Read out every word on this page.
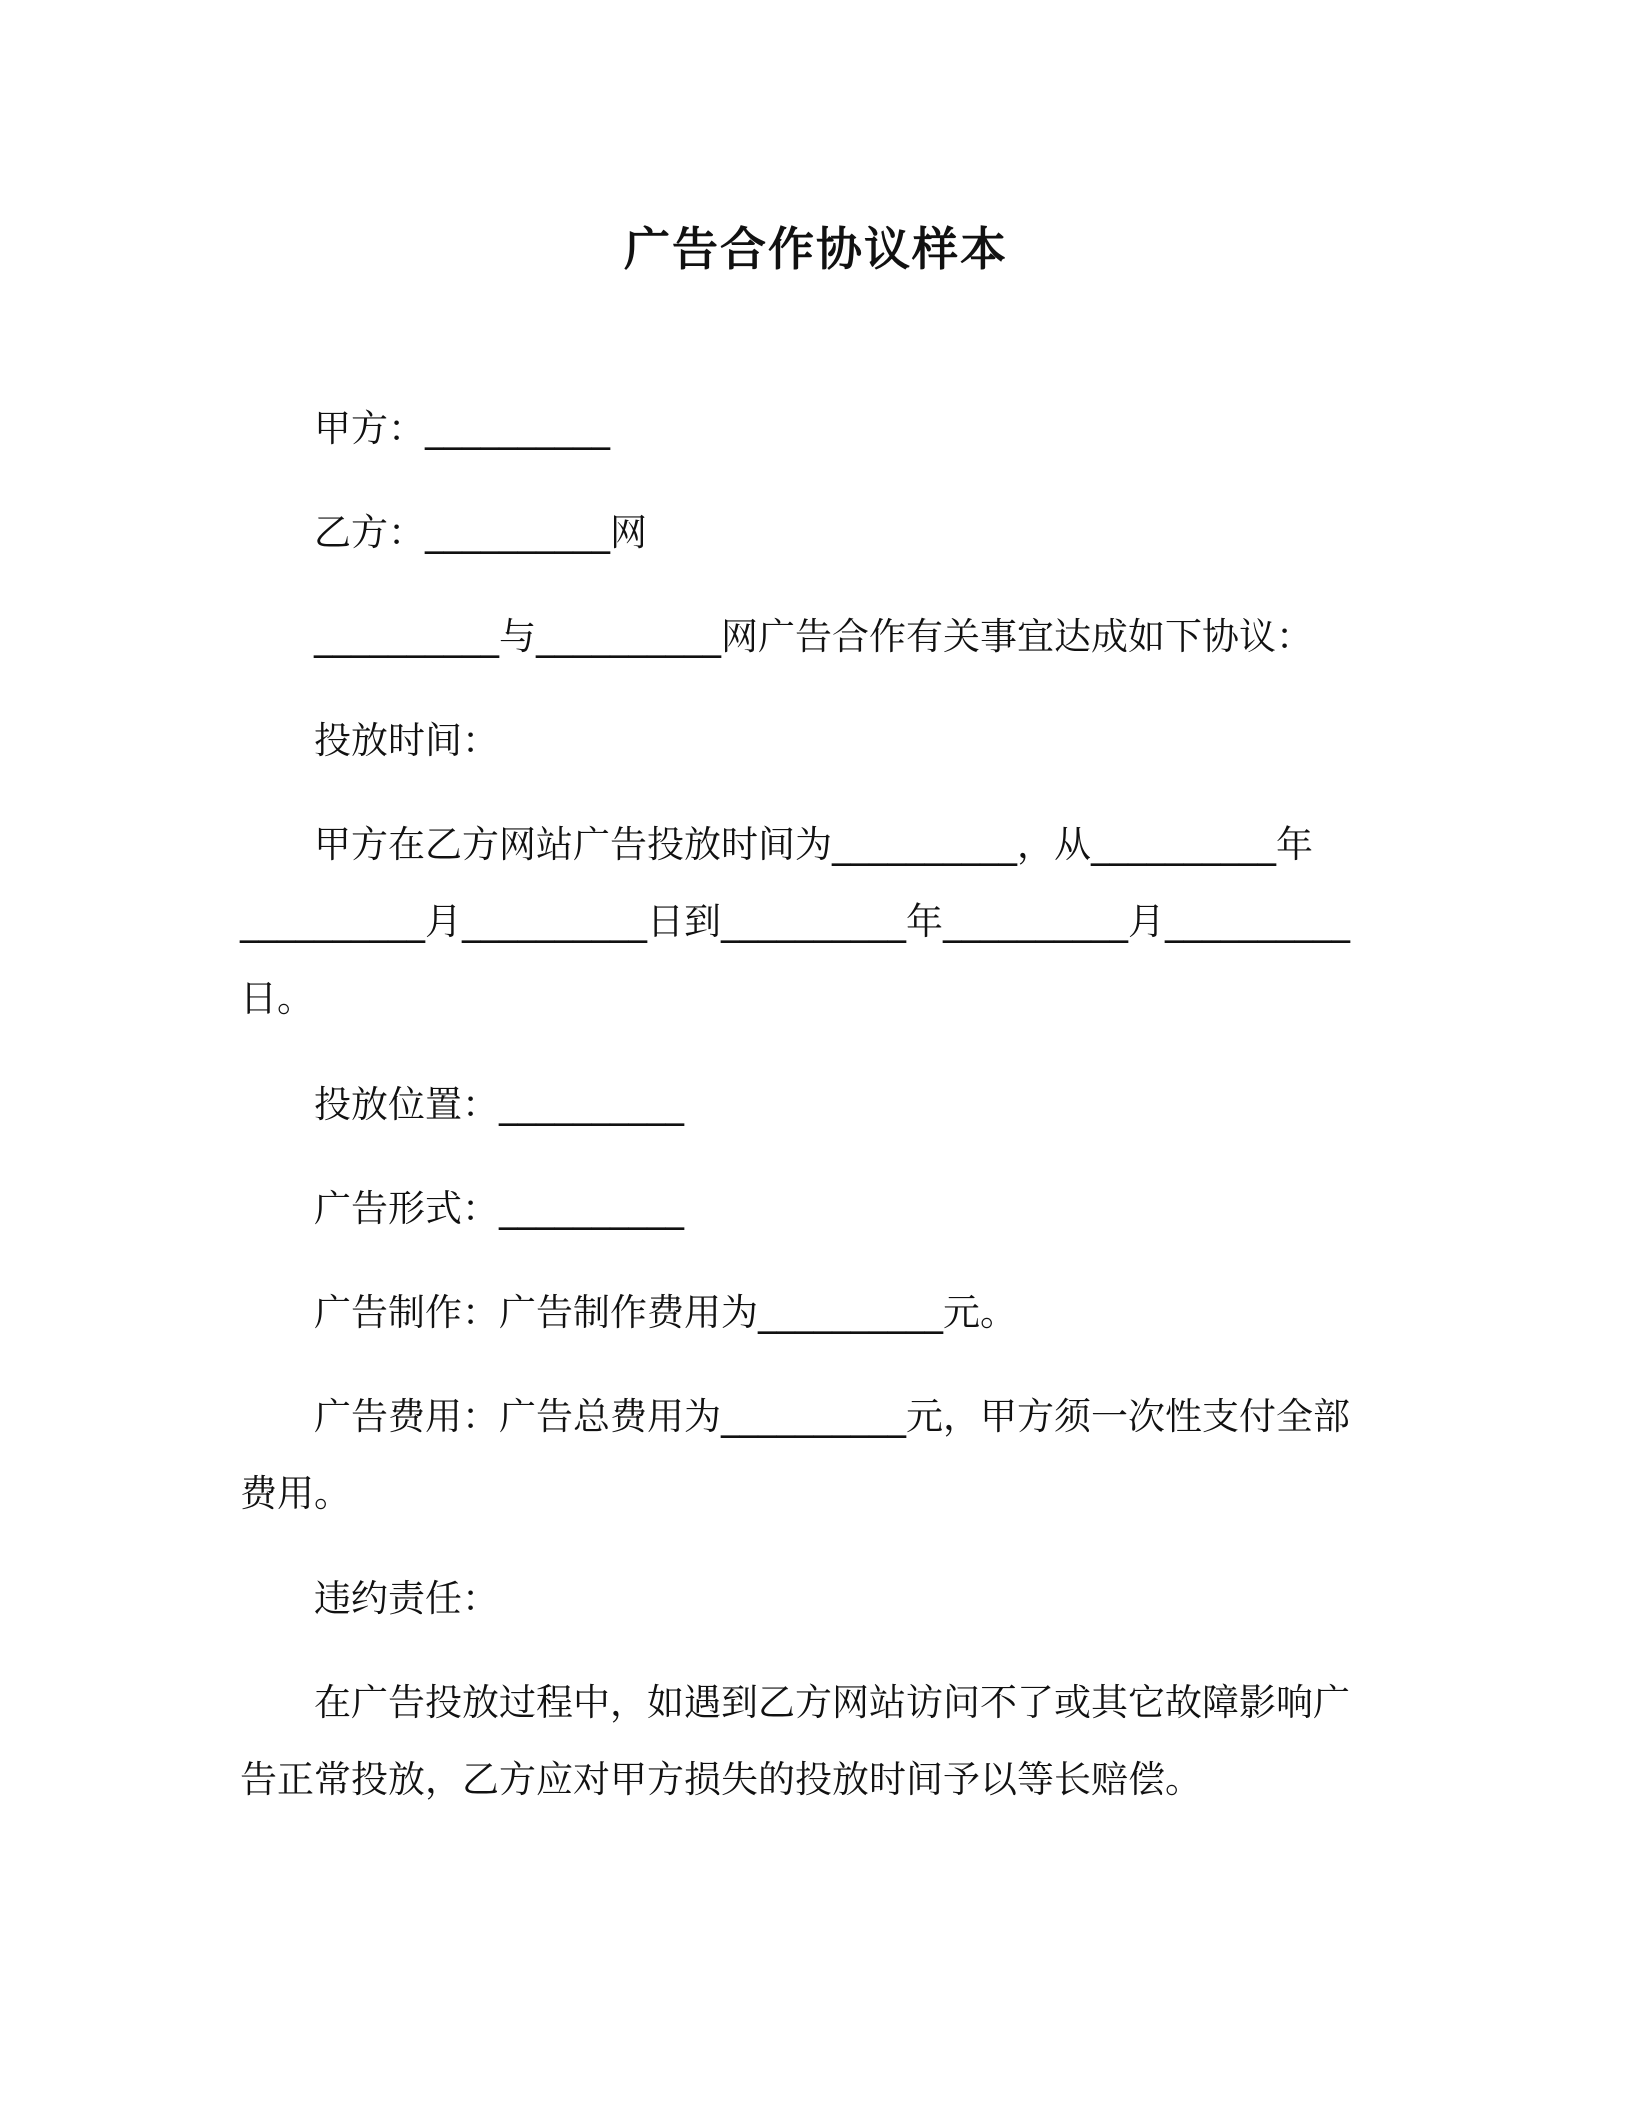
广告合作协议样本

甲方：__________

乙方：__________网

__________与__________网广告合作有关事宜达成如下协议：

投放时间：

甲方在乙方网站广告投放时间为__________，从__________年__________月__________日到__________年__________月__________日。

投放位置：__________

广告形式：__________

广告制作：广告制作费用为__________元。

广告费用：广告总费用为__________元，甲方须一次性支付全部费用。

违约责任：

在广告投放过程中，如遇到乙方网站访问不了或其它故障影响广告正常投放，乙方应对甲方损失的投放时间予以等长赔偿。
